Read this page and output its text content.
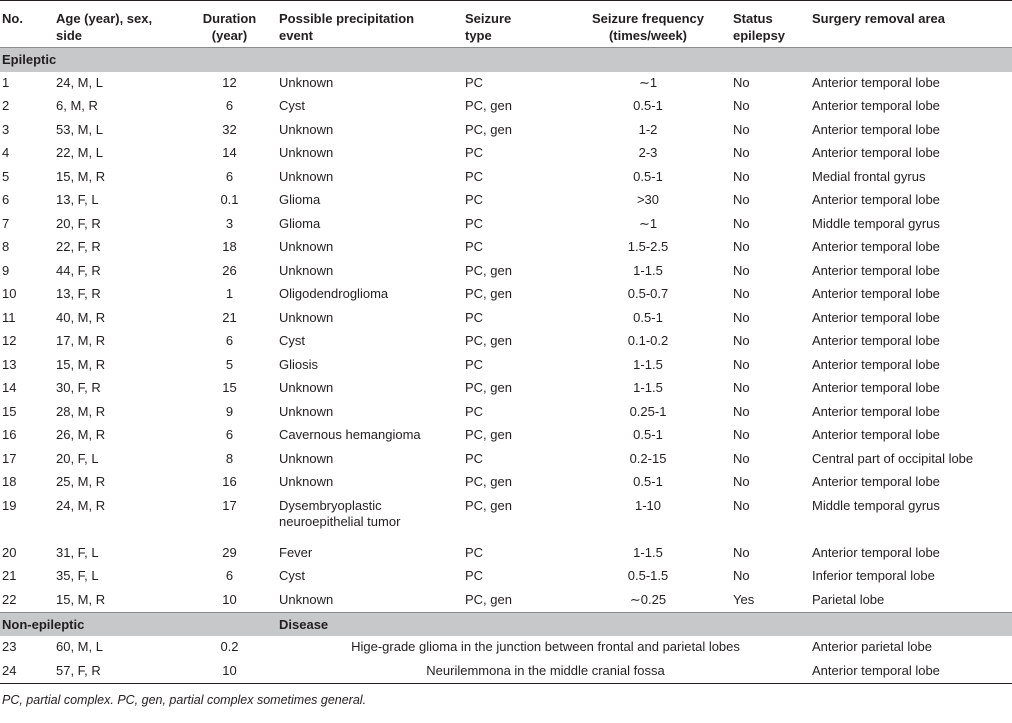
No.	Age (year), sex, side	Duration (year)	Possible precipitation event	Seizure type	Seizure frequency (times/week)	Status epilepsy	Surgery removal area
Epileptic							
1	24, M, L	12	Unknown	PC	∼1	No	Anterior temporal lobe
2	6, M, R	6	Cyst	PC, gen	0.5-1	No	Anterior temporal lobe
3	53, M, L	32	Unknown	PC, gen	1-2	No	Anterior temporal lobe
4	22, M, L	14	Unknown	PC	2-3	No	Anterior temporal lobe
5	15, M, R	6	Unknown	PC	0.5-1	No	Medial frontal gyrus
6	13, F, L	0.1	Glioma	PC	>30	No	Anterior temporal lobe
7	20, F, R	3	Glioma	PC	∼1	No	Middle temporal gyrus
8	22, F, R	18	Unknown	PC	1.5-2.5	No	Anterior temporal lobe
9	44, F, R	26	Unknown	PC, gen	1-1.5	No	Anterior temporal lobe
10	13, F, R	1	Oligodendroglioma	PC, gen	0.5-0.7	No	Anterior temporal lobe
11	40, M, R	21	Unknown	PC	0.5-1	No	Anterior temporal lobe
12	17, M, R	6	Cyst	PC, gen	0.1-0.2	No	Anterior temporal lobe
13	15, M, R	5	Gliosis	PC	1-1.5	No	Anterior temporal lobe
14	30, F, R	15	Unknown	PC, gen	1-1.5	No	Anterior temporal lobe
15	28, M, R	9	Unknown	PC	0.25-1	No	Anterior temporal lobe
16	26, M, R	6	Cavernous hemangioma	PC, gen	0.5-1	No	Anterior temporal lobe
17	20, F, L	8	Unknown	PC	0.2-15	No	Central part of occipital lobe
18	25, M, R	16	Unknown	PC, gen	0.5-1	No	Anterior temporal lobe
19	24, M, R	17	Dysembryoplastic neuroepithelial tumor	PC, gen	1-10	No	Middle temporal gyrus
20	31, F, L	29	Fever	PC	1-1.5	No	Anterior temporal lobe
21	35, F, L	6	Cyst	PC	0.5-1.5	No	Inferior temporal lobe
22	15, M, R	10	Unknown	PC, gen	∼0.25	Yes	Parietal lobe
Non-epileptic			Disease				
23	60, M, L	0.2	Hige-grade glioma in the junction between frontal and parietal lobes				Anterior parietal lobe
24	57, F, R	10	Neurilemmona in the middle cranial fossa				Anterior temporal lobe
PC, partial complex. PC, gen, partial complex sometimes general.
